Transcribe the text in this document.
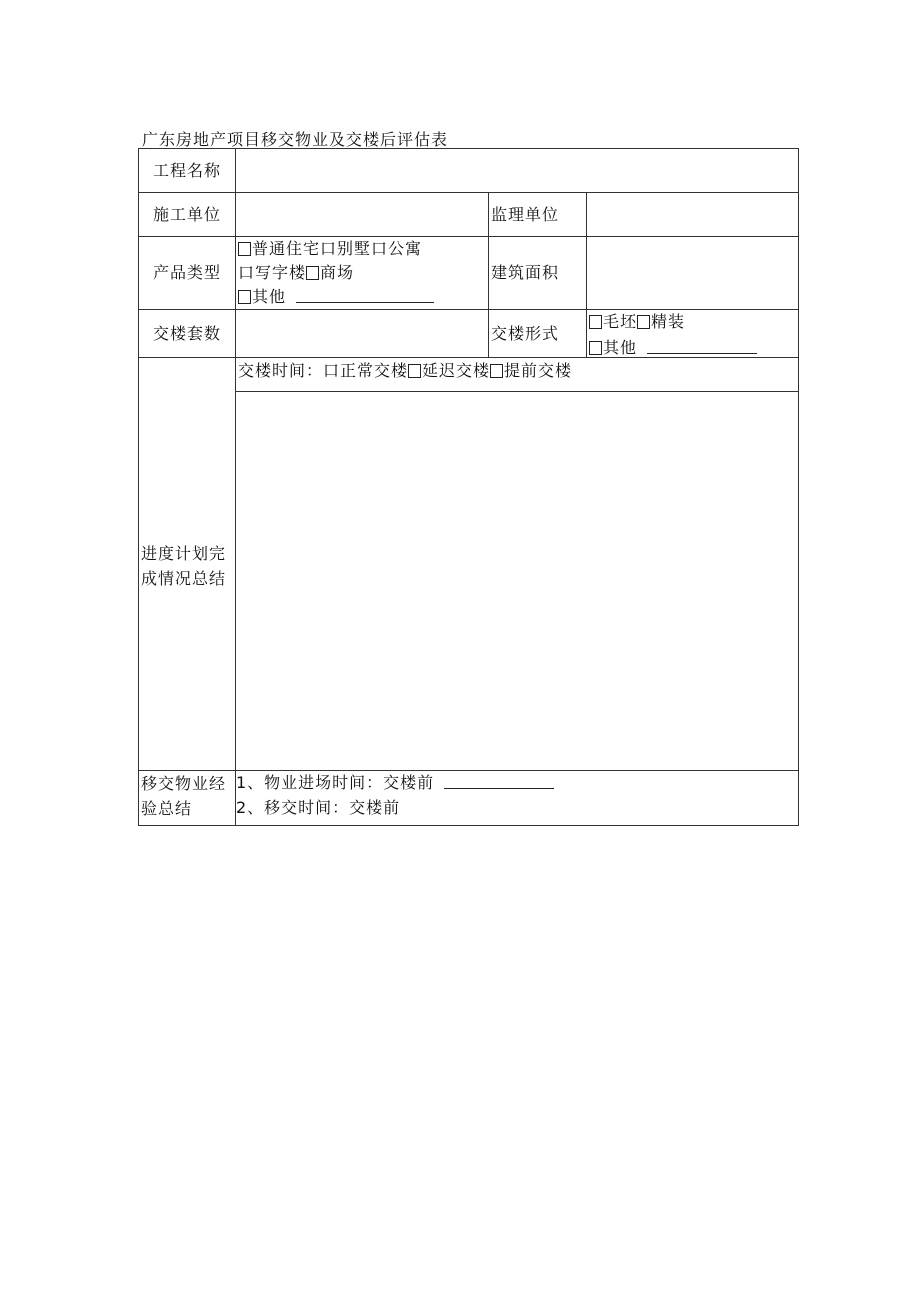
广东房地产项目移交物业及交楼后评估表
工程名称
施工单位	监理单位
产品类型
普通住宅口别墅口公寓
口写字楼 商场
其他
建筑面积
交楼套数	交楼形式
毛坯 精装
其他
进度计划完成情况总结
交楼时间：口正常交楼 延迟交楼 提前交楼
移交物业经验总结
1、物业进场时间：交楼前
2、移交时间：交楼前
